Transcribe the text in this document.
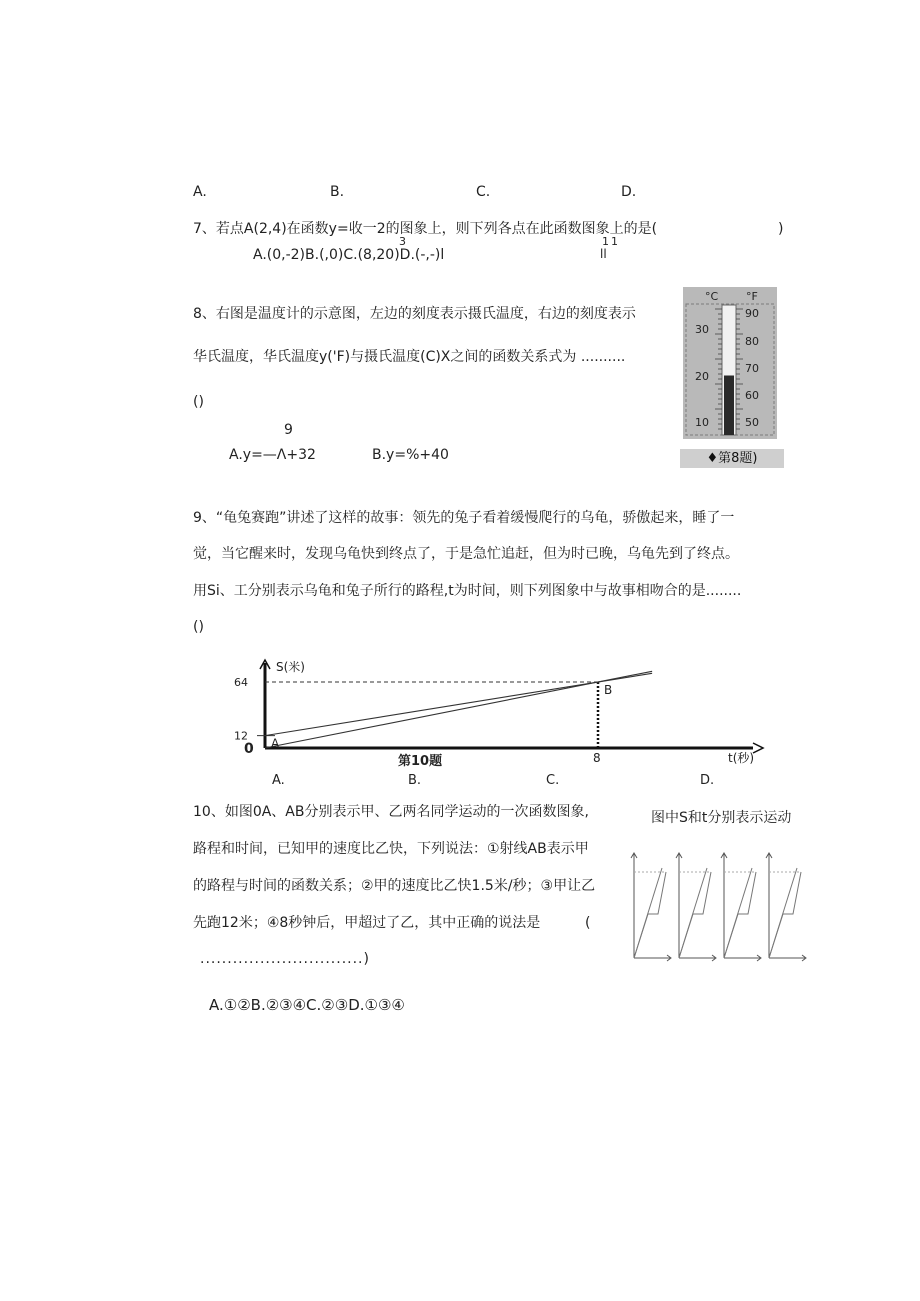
A.	B.	C.	D.
7、若点A(2,4)在函数y=收一2的图象上，则下列各点在此函数图象上的是(	)
3
A.(0,-2)B.(,0)C.(8,20)D.(-,-)ⅼ
11
ⅼⅼ
8、右图是温度计的示意图，左边的刻度表示摄氏温度，右边的刻度表示
华氏温度，华氏温度y('F)与摄氏温度(C)X之间的函数关系式为 ..........
()
9
A.y=—Λ+32	B.y=%+40
°C	°F
30
20
10
90
80
70
60
50
♦第8题)
9、“龟兔赛跑”讲述了这样的故事：领先的兔子看着缓慢爬行的乌龟，骄傲起来，睡了一
觉，当它醒来时，发现乌龟快到终点了，于是急忙追赶，但为时已晚，乌龟先到了终点。
用Si、工分别表示乌龟和兔子所行的路程,t为时间，则下列图象中与故事相吻合的是........
()
S(米)
64
12
0
8
A
B
第10题	t(秒)
A.	B.	C.	D.
10、如图0A、AB分别表示甲、乙两名同学运动的一次函数图象,	图中S和t分别表示运动
路程和时间，已知甲的速度比乙快，下列说法：①射线AB表示甲
的路程与时间的函数关系；②甲的速度比乙快1.5米/秒；③甲让乙
先跑12米；④8秒钟后，甲超过了乙，其中正确的说法是	(
..............................)
A.①②B.②③④C.②③D.①③④
